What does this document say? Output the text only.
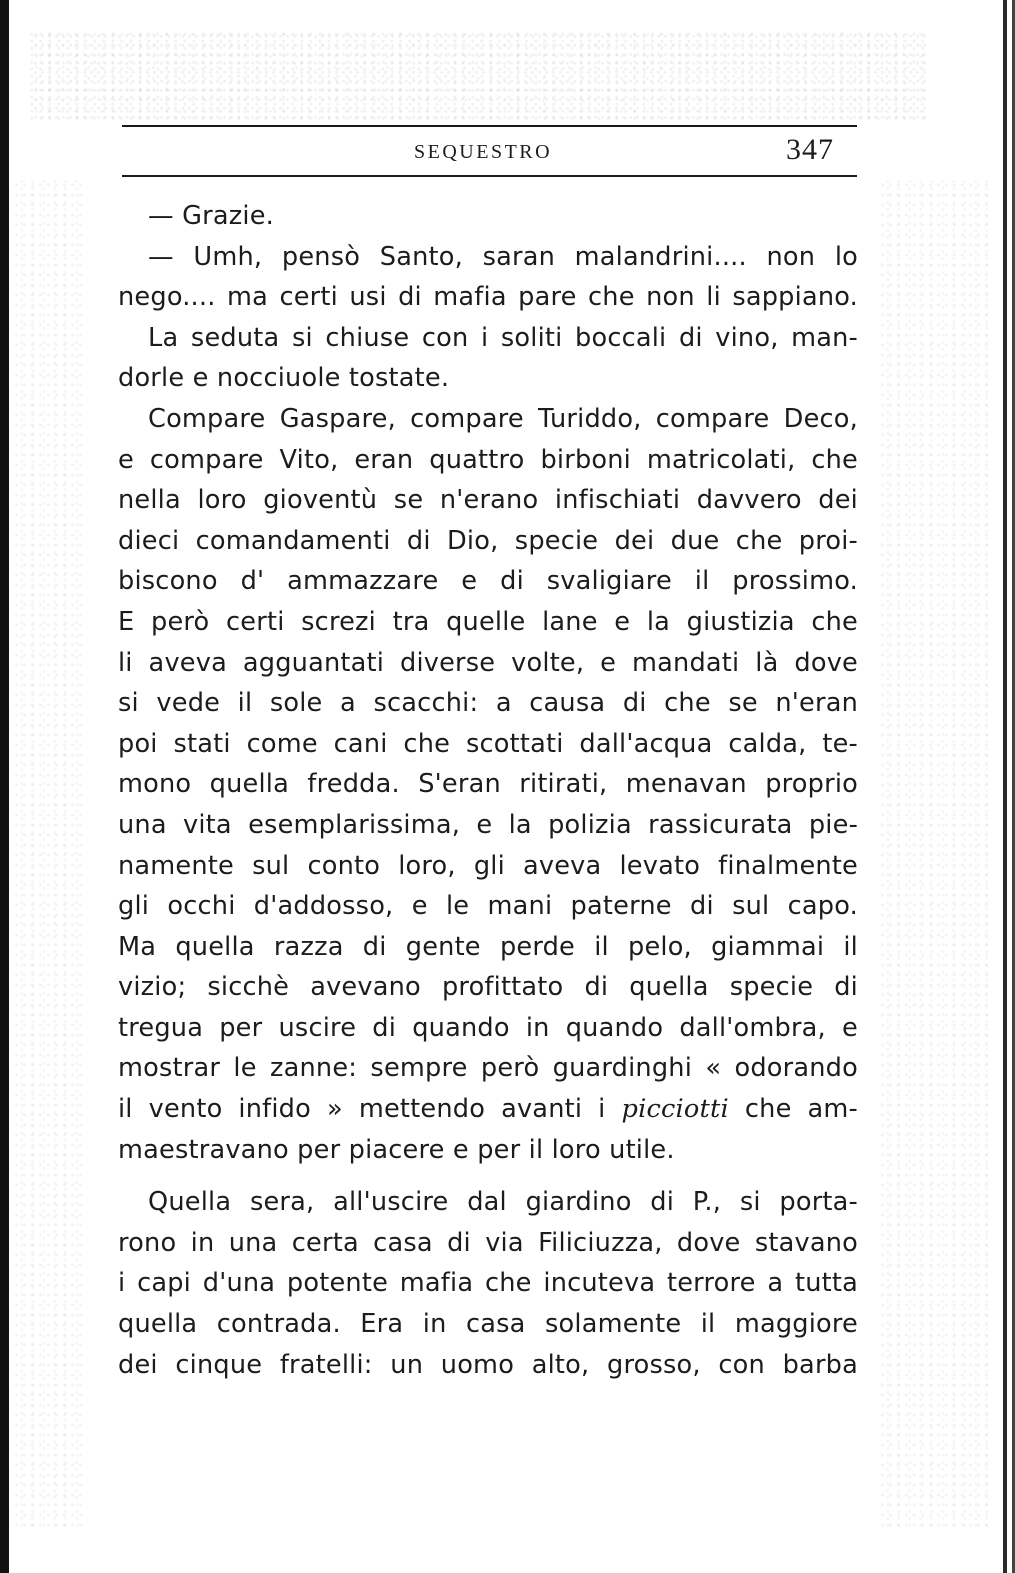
SEQUESTRO	347
— Grazie.
— Umh, pensò Santo, saran malandrini.... non lo
nego.... ma certi usi di mafia pare che non li sappiano.
La seduta si chiuse con i soliti boccali di vino, man-
dorle e nocciuole tostate.
Compare Gaspare, compare Turiddo, compare Deco,
e compare Vito, eran quattro birboni matricolati, che
nella loro gioventù se n'erano infischiati davvero dei
dieci comandamenti di Dio, specie dei due che proi-
biscono d' ammazzare e di svaligiare il prossimo.
E però certi screzi tra quelle lane e la giustizia che
li aveva agguantati diverse volte, e mandati là dove
si vede il sole a scacchi: a causa di che se n'eran
poi stati come cani che scottati dall'acqua calda, te-
mono quella fredda. S'eran ritirati, menavan proprio
una vita esemplarissima, e la polizia rassicurata pie-
namente sul conto loro, gli aveva levato finalmente
gli occhi d'addosso, e le mani paterne di sul capo.
Ma quella razza di gente perde il pelo, giammai il
vizio; sicchè avevano profittato di quella specie di
tregua per uscire di quando in quando dall'ombra, e
mostrar le zanne: sempre però guardinghi « odorando
il vento infido » mettendo avanti i picciotti che am-
maestravano per piacere e per il loro utile.
Quella sera, all'uscire dal giardino di P., si porta-
rono in una certa casa di via Filiciuzza, dove stavano
i capi d'una potente mafia che incuteva terrore a tutta
quella contrada. Era in casa solamente il maggiore
dei cinque fratelli: un uomo alto, grosso, con barba
